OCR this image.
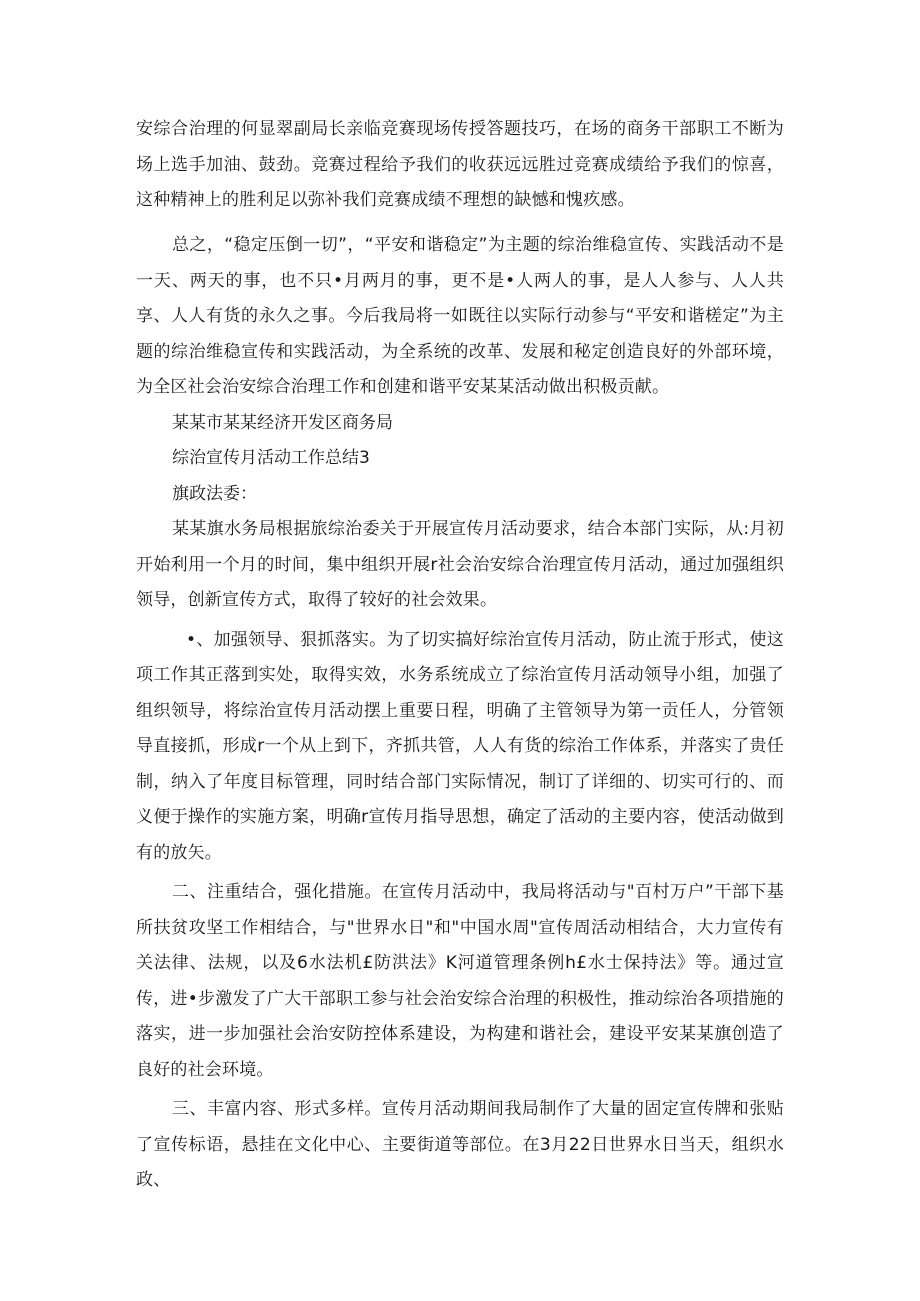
安综合治理的何显翠副局长亲临竞赛现场传授答题技巧，在场的商务干部职工不断为场上选手加油、鼓劲。竞赛过程给予我们的收获远远胜过竞赛成绩给予我们的惊喜，这种精神上的胜利足以弥补我们竞赛成绩不理想的缺憾和愧疚感。

总之，“稳定压倒一切”，“平安和谐稳定”为主题的综治维稳宣传、实践活动不是一天、两天的事，也不只•月两月的事，更不是•人两人的事，是人人参与、人人共享、人人有货的永久之事。今后我局将一如既往以实际行动参与“平安和谐槎定”为主题的综治维稳宣传和实践活动，为全系统的改革、发展和秘定创造良好的外部环境，为全区社会治安综合治理工作和创建和谐平安某某活动做出积极贡献。

某某市某某经济开发区商务局

综治宣传月活动工作总结3

旗政法委：

某某旗水务局根据旅综治委关于开展宣传月活动要求，结合本部门实际，从:月初开始利用一个月的时间，集中组织开展r社会治安综合治理宣传月活动，通过加强组织领导，创新宣传方式，取得了较好的社会效果。

•、加强领导、狠抓落实。为了切实搞好综治宣传月活动，防止流于形式，使这项工作其正落到实处，取得实效，水务系统成立了综治宣传月活动领导小组，加强了组织领导，将综治宣传月活动摆上重要日程，明确了主管领导为第一贡任人，分管领导直接抓，形成r一个从上到下，齐抓共管，人人有货的综治工作体系，并落实了贵任制，纳入了年度目标管理，同时结合部门实际情况，制订了详细的、切实可行的、而义便于操作的实施方案，明确r宣传月指导思想，确定了活动的主要内容，使活动做到有的放矢。

二、注重结合，强化措施。在宣传月活动中，我局将活动与"百村万户”干部下基所扶贫攻坚工作相结合，与"世界水日"和"中国水周"宣传周活动相结合，大力宣传有关法律、法规，以及6水法机£防洪法》K河道管理条例h£水士保持法》等。通过宣传，进•步激发了广大干部职工参与社会治安综合治理的积极性，推动综治各项措施的落实，进一步加强社会治安防控体系建设，为构建和谐社会，建设平安某某旗创造了良好的社会环境。

三、丰富内容、形式多样。宣传月活动期间我局制作了大量的固定宣传牌和张贴了宣传标语，悬挂在文化中心、主要街道等部位。在3月22日世界水日当天，组织水政、
